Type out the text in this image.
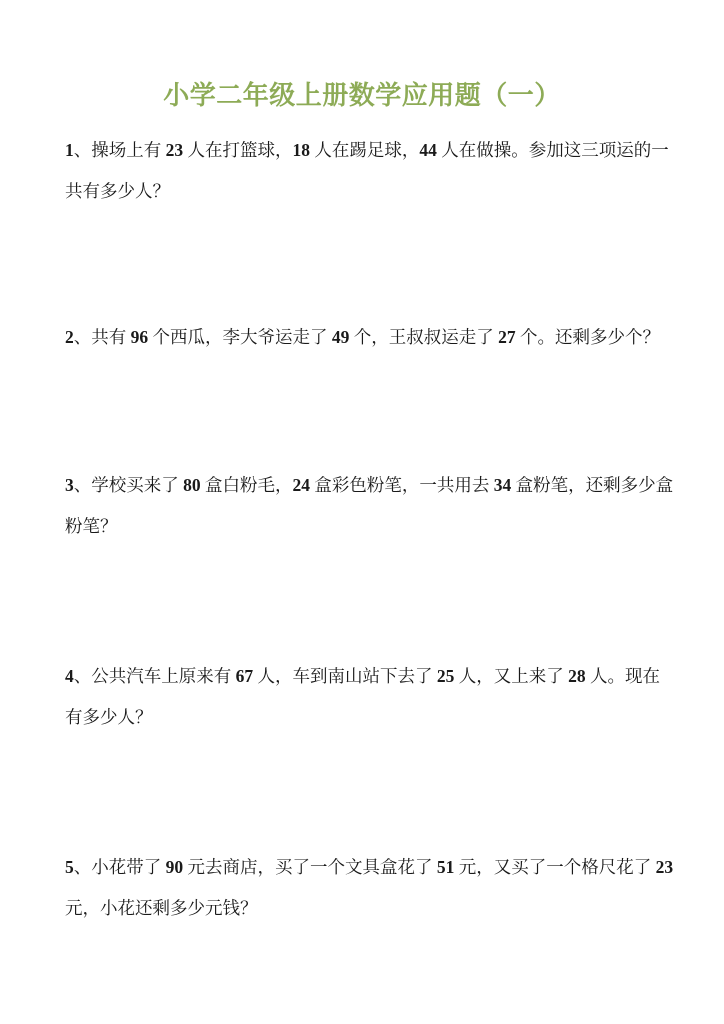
小学二年级上册数学应用题（一）

1、操场上有 23 人在打篮球，18 人在踢足球，44 人在做操。参加这三项运的一

共有多少人？

2、共有 96 个西瓜，李大爷运走了 49 个，王叔叔运走了 27 个。还剩多少个？

3、学校买来了 80 盒白粉毛，24 盒彩色粉笔，一共用去 34 盒粉笔，还剩多少盒

粉笔？

4、公共汽车上原来有 67 人，车到南山站下去了 25 人，又上来了 28 人。现在

有多少人？

5、小花带了 90 元去商店，买了一个文具盒花了 51 元，又买了一个格尺花了 23

元，小花还剩多少元钱？
